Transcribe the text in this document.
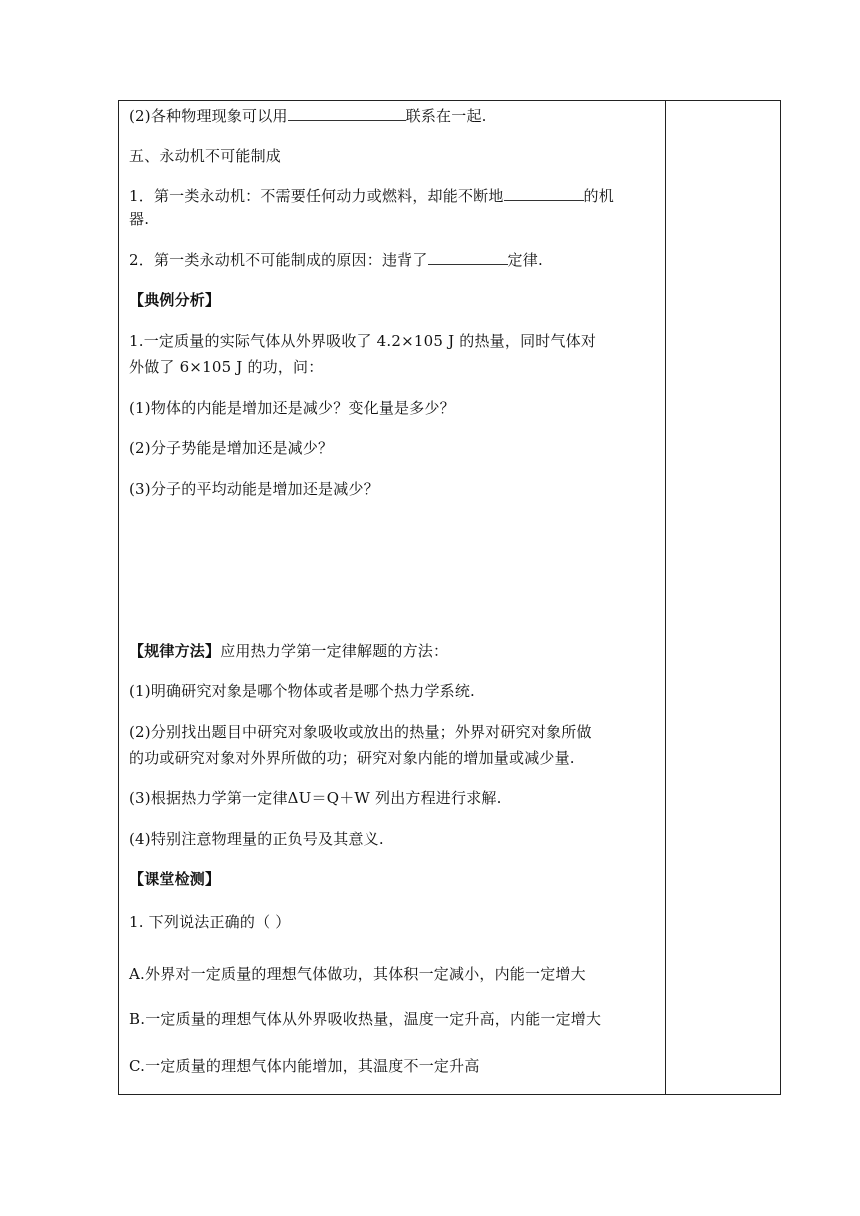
(2)各种物理现象可以用	联系在一起.
五、永动机不可能制成
1．第一类永动机：不需要任何动力或燃料，却能不断地	的机
器.
2．第一类永动机不可能制成的原因：违背了	定律.
【典例分析】
1.一定质量的实际气体从外界吸收了 4.2×105 J 的热量，同时气体对
外做了 6×105 J 的功，问：
(1)物体的内能是增加还是减少？变化量是多少？
(2)分子势能是增加还是减少？
(3)分子的平均动能是增加还是减少？
【规律方法】应用热力学第一定律解题的方法：
(1)明确研究对象是哪个物体或者是哪个热力学系统.
(2)分别找出题目中研究对象吸收或放出的热量；外界对研究对象所做
的功或研究对象对外界所做的功；研究对象内能的增加量或减少量.
(3)根据热力学第一定律ΔU＝Q＋W 列出方程进行求解.
(4)特别注意物理量的正负号及其意义.
【课堂检测】
1. 下列说法正确的（ ）
A.外界对一定质量的理想气体做功，其体积一定减小，内能一定增大
B.一定质量的理想气体从外界吸收热量，温度一定升高，内能一定增大
C.一定质量的理想气体内能增加，其温度不一定升高
